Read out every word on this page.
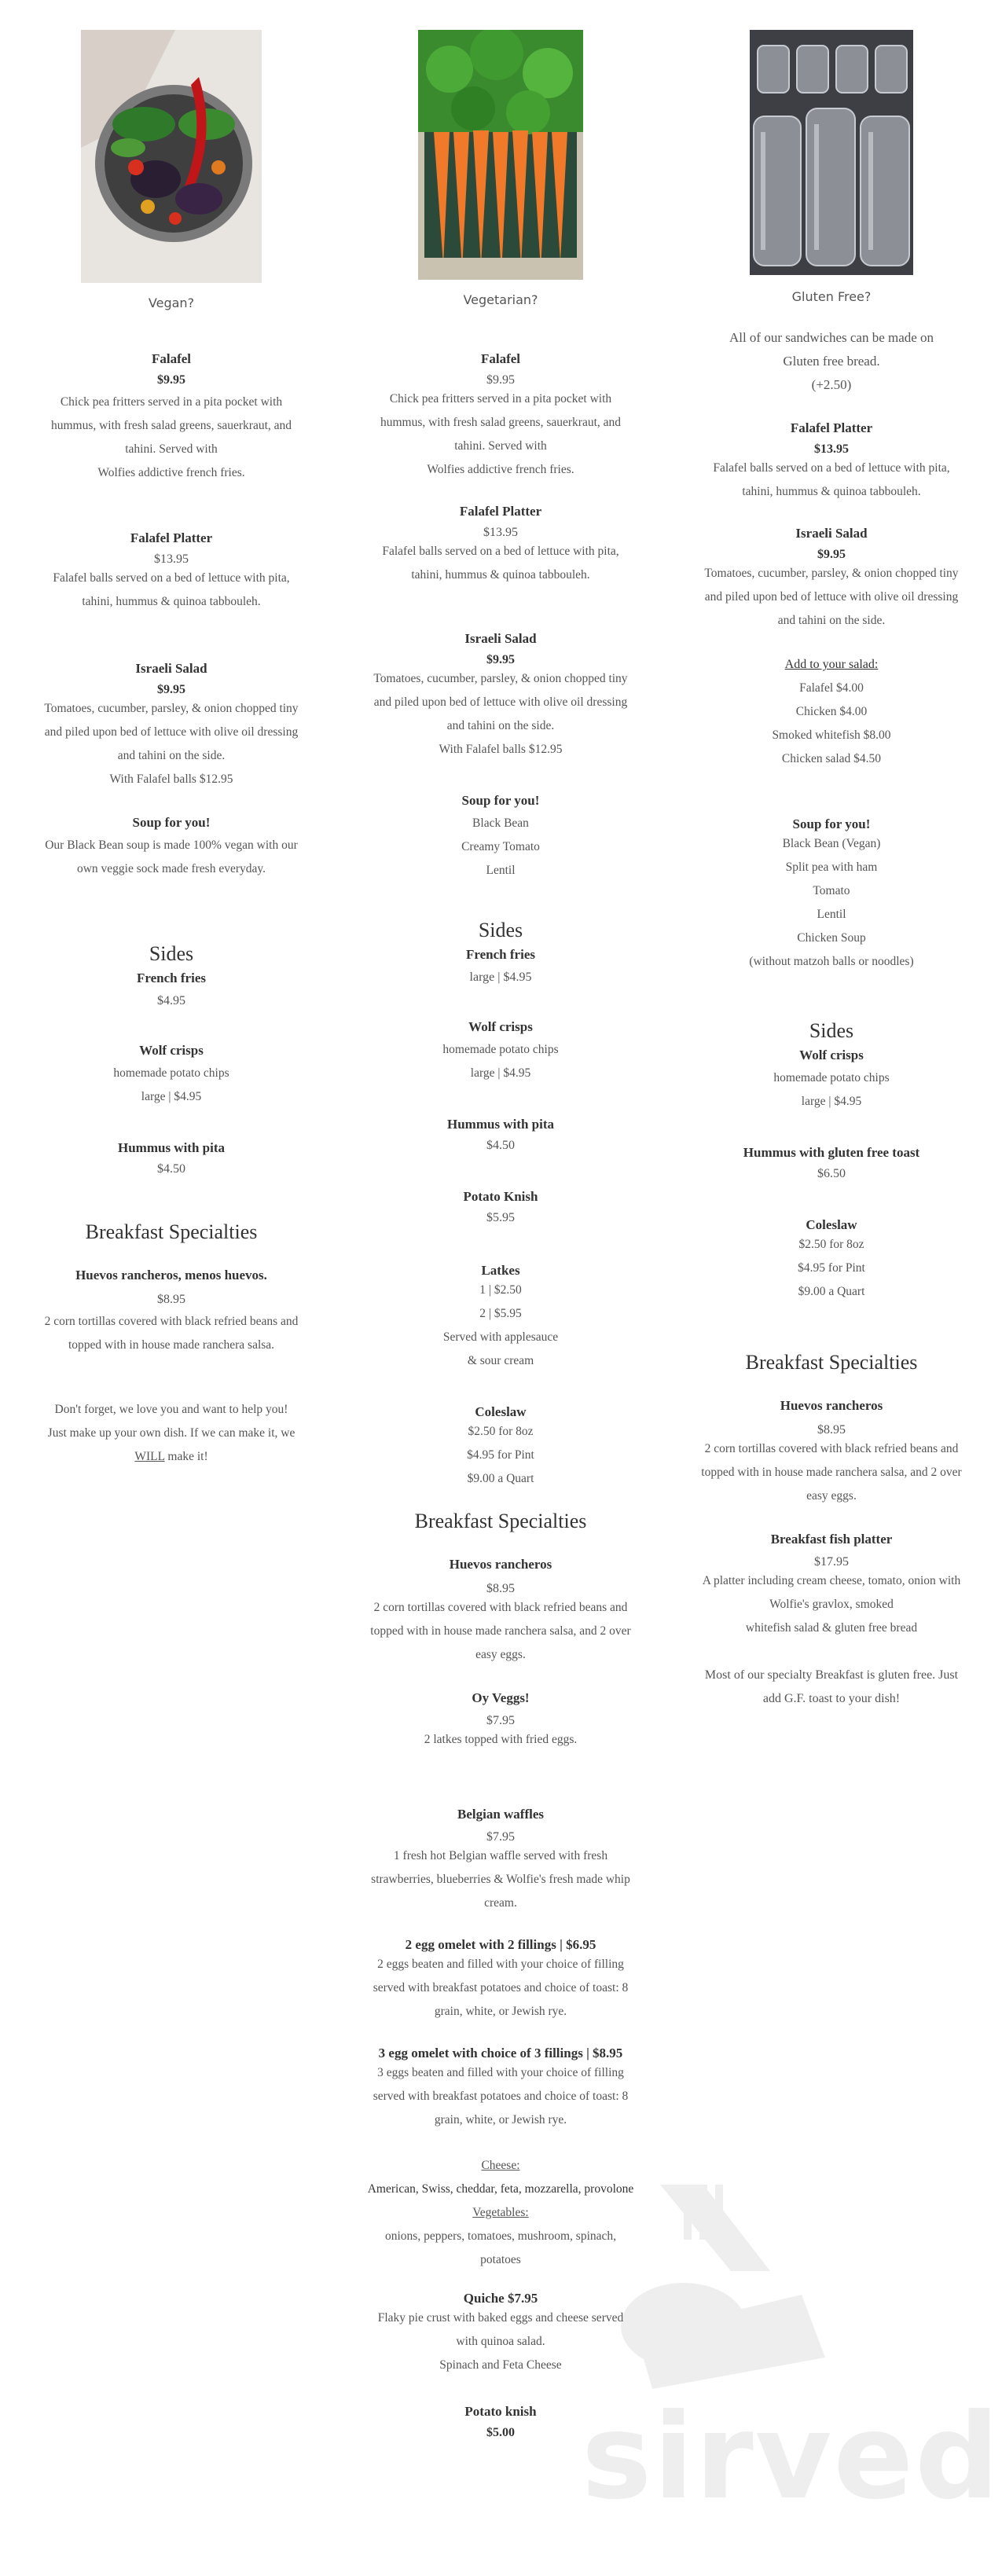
Vegan?
Falafel
$9.95
Chick pea fritters served in a pita pocket with
hummus, with fresh salad greens, sauerkraut, and
tahini. Served with
Wolfies addictive french fries.
Falafel Platter
$13.95
Falafel balls served on a bed of lettuce with pita,
tahini, hummus & quinoa tabbouleh.
Israeli Salad
$9.95
Tomatoes, cucumber, parsley, & onion chopped tiny
and piled upon bed of lettuce with olive oil dressing
and tahini on the side.
With Falafel balls $12.95
Soup for you!
Our Black Bean soup is made 100% vegan with our
own veggie sock made fresh everyday.
Sides
French fries
$4.95
Wolf crisps
homemade potato chips
large | $4.95
Hummus with pita
$4.50
Breakfast Specialties
Huevos rancheros, menos huevos.
$8.95
2 corn tortillas covered with black refried beans and
topped with in house made ranchera salsa.
Don't forget, we love you and want to help you!
Just make up your own dish. If we can make it, we
WILL make it!
Vegetarian?
Falafel
$9.95
Chick pea fritters served in a pita pocket with
hummus, with fresh salad greens, sauerkraut, and
tahini. Served with
Wolfies addictive french fries.
Falafel Platter
$13.95
Falafel balls served on a bed of lettuce with pita,
tahini, hummus & quinoa tabbouleh.
Israeli Salad
$9.95
Tomatoes, cucumber, parsley, & onion chopped tiny
and piled upon bed of lettuce with olive oil dressing
and tahini on the side.
With Falafel balls $12.95
Soup for you!
Black Bean
Creamy Tomato
Lentil
Sides
French fries
large | $4.95
Wolf crisps
homemade potato chips
large | $4.95
Hummus with pita
$4.50
Potato Knish
$5.95
Latkes
1 | $2.50
2 | $5.95
Served with applesauce
& sour cream
Coleslaw
$2.50 for 8oz
$4.95 for Pint
$9.00 a Quart
Breakfast Specialties
Huevos rancheros
$8.95
2 corn tortillas covered with black refried beans and
topped with in house made ranchera salsa, and 2 over
easy eggs.
Oy Veggs!
$7.95
2 latkes topped with fried eggs.
Belgian waffles
$7.95
1 fresh hot Belgian waffle served with fresh
strawberries, blueberries & Wolfie's fresh made whip
cream.
2 egg omelet with 2 fillings | $6.95
2 eggs beaten and filled with your choice of filling
served with breakfast potatoes and choice of toast: 8
grain, white, or Jewish rye.
3 egg omelet with choice of 3 fillings | $8.95
3 eggs beaten and filled with your choice of filling
served with breakfast potatoes and choice of toast: 8
grain, white, or Jewish rye.
Cheese:
American, Swiss, cheddar, feta, mozzarella, provolone
Vegetables:
onions, peppers, tomatoes, mushroom, spinach,
potatoes
Quiche $7.95
Flaky pie crust with baked eggs and cheese served
with quinoa salad.
Spinach and Feta Cheese
Potato knish
$5.00
Gluten Free?
All of our sandwiches can be made on
Gluten free bread.
(+2.50)
Falafel Platter
$13.95
Falafel balls served on a bed of lettuce with pita,
tahini, hummus & quinoa tabbouleh.
Israeli Salad
$9.95
Tomatoes, cucumber, parsley, & onion chopped tiny
and piled upon bed of lettuce with olive oil dressing
and tahini on the side.
Add to your salad:
Falafel $4.00
Chicken $4.00
Smoked whitefish $8.00
Chicken salad $4.50
Soup for you!
Black Bean (Vegan)
Split pea with ham
Tomato
Lentil
Chicken Soup
(without matzoh balls or noodles)
Sides
Wolf crisps
homemade potato chips
large | $4.95
Hummus with gluten free toast
$6.50
Coleslaw
$2.50 for 8oz
$4.95 for Pint
$9.00 a Quart
Breakfast Specialties
Huevos rancheros
$8.95
2 corn tortillas covered with black refried beans and
topped with in house made ranchera salsa, and 2 over
easy eggs.
Breakfast fish platter
$17.95
A platter including cream cheese, tomato, onion with
Wolfie's gravlox, smoked
whitefish salad & gluten free bread
Most of our specialty Breakfast is gluten free. Just
add G.F. toast to your dish!
sirved
